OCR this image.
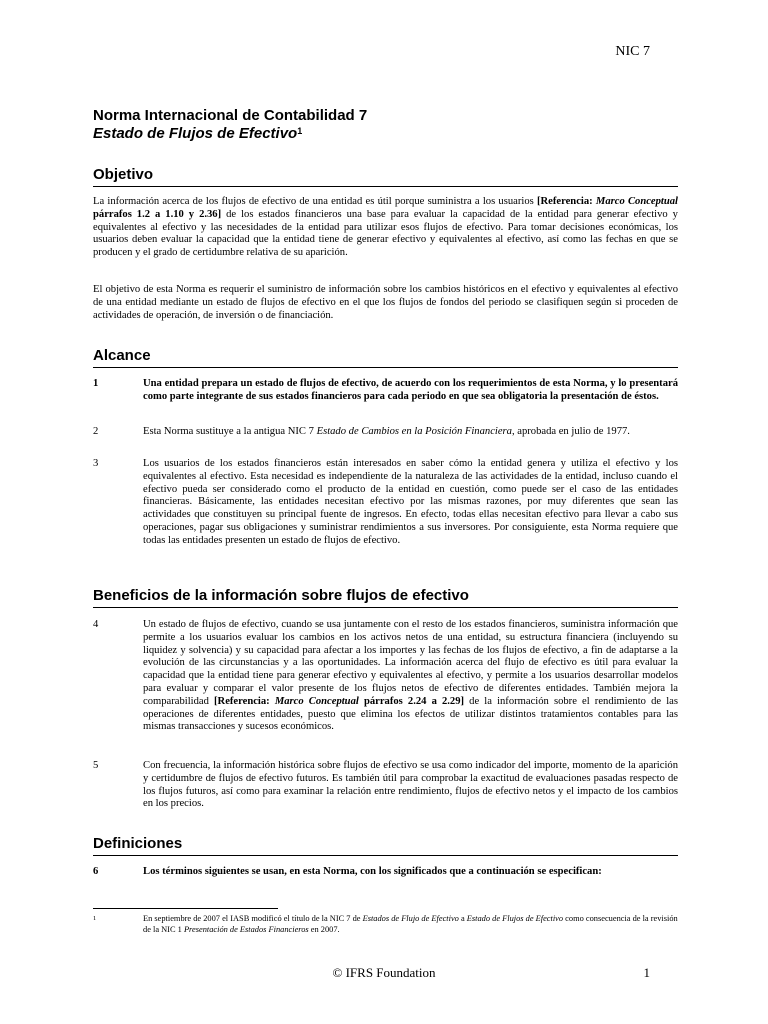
NIC 7
Norma Internacional de Contabilidad 7
Estado de Flujos de Efectivo$^1$
Objetivo
La información acerca de los flujos de efectivo de una entidad es útil porque suministra a los usuarios [Referencia: Marco Conceptual párrafos 1.2 a 1.10 y 2.36] de los estados financieros una base para evaluar la capacidad de la entidad para generar efectivo y equivalentes al efectivo y las necesidades de la entidad para utilizar esos flujos de efectivo. Para tomar decisiones económicas, los usuarios deben evaluar la capacidad que la entidad tiene de generar efectivo y equivalentes al efectivo, así como las fechas en que se producen y el grado de certidumbre relativa de su aparición.
El objetivo de esta Norma es requerir el suministro de información sobre los cambios históricos en el efectivo y equivalentes al efectivo de una entidad mediante un estado de flujos de efectivo en el que los flujos de fondos del periodo se clasifiquen según si proceden de actividades de operación, de inversión o de financiación.
Alcance
1	Una entidad prepara un estado de flujos de efectivo, de acuerdo con los requerimientos de esta Norma, y lo presentará como parte integrante de sus estados financieros para cada periodo en que sea obligatoria la presentación de éstos.
2	Esta Norma sustituye a la antigua NIC 7 Estado de Cambios en la Posición Financiera, aprobada en julio de 1977.
3	Los usuarios de los estados financieros están interesados en saber cómo la entidad genera y utiliza el efectivo y los equivalentes al efectivo. Esta necesidad es independiente de la naturaleza de las actividades de la entidad, incluso cuando el efectivo pueda ser considerado como el producto de la entidad en cuestión, como puede ser el caso de las entidades financieras. Básicamente, las entidades necesitan efectivo por las mismas razones, por muy diferentes que sean las actividades que constituyen su principal fuente de ingresos. En efecto, todas ellas necesitan efectivo para llevar a cabo sus operaciones, pagar sus obligaciones y suministrar rendimientos a sus inversores. Por consiguiente, esta Norma requiere que todas las entidades presenten un estado de flujos de efectivo.
Beneficios de la información sobre flujos de efectivo
4	Un estado de flujos de efectivo, cuando se usa juntamente con el resto de los estados financieros, suministra información que permite a los usuarios evaluar los cambios en los activos netos de una entidad, su estructura financiera (incluyendo su liquidez y solvencia) y su capacidad para afectar a los importes y las fechas de los flujos de efectivo, a fin de adaptarse a la evolución de las circunstancias y a las oportunidades. La información acerca del flujo de efectivo es útil para evaluar la capacidad que la entidad tiene para generar efectivo y equivalentes al efectivo, y permite a los usuarios desarrollar modelos para evaluar y comparar el valor presente de los flujos netos de efectivo de diferentes entidades. También mejora la comparabilidad [Referencia: Marco Conceptual párrafos 2.24 a 2.29] de la información sobre el rendimiento de las operaciones de diferentes entidades, puesto que elimina los efectos de utilizar distintos tratamientos contables para las mismas transacciones y sucesos económicos.
5	Con frecuencia, la información histórica sobre flujos de efectivo se usa como indicador del importe, momento de la aparición y certidumbre de flujos de efectivo futuros. Es también útil para comprobar la exactitud de evaluaciones pasadas respecto de los flujos futuros, así como para examinar la relación entre rendimiento, flujos de efectivo netos y el impacto de los cambios en los precios.
Definiciones
6	Los términos siguientes se usan, en esta Norma, con los significados que a continuación se especifican:
1	En septiembre de 2007 el IASB modificó el título de la NIC 7 de Estados de Flujo de Efectivo a Estado de Flujos de Efectivo como consecuencia de la revisión de la NIC 1 Presentación de Estados Financieros en 2007.
© IFRS Foundation	1
